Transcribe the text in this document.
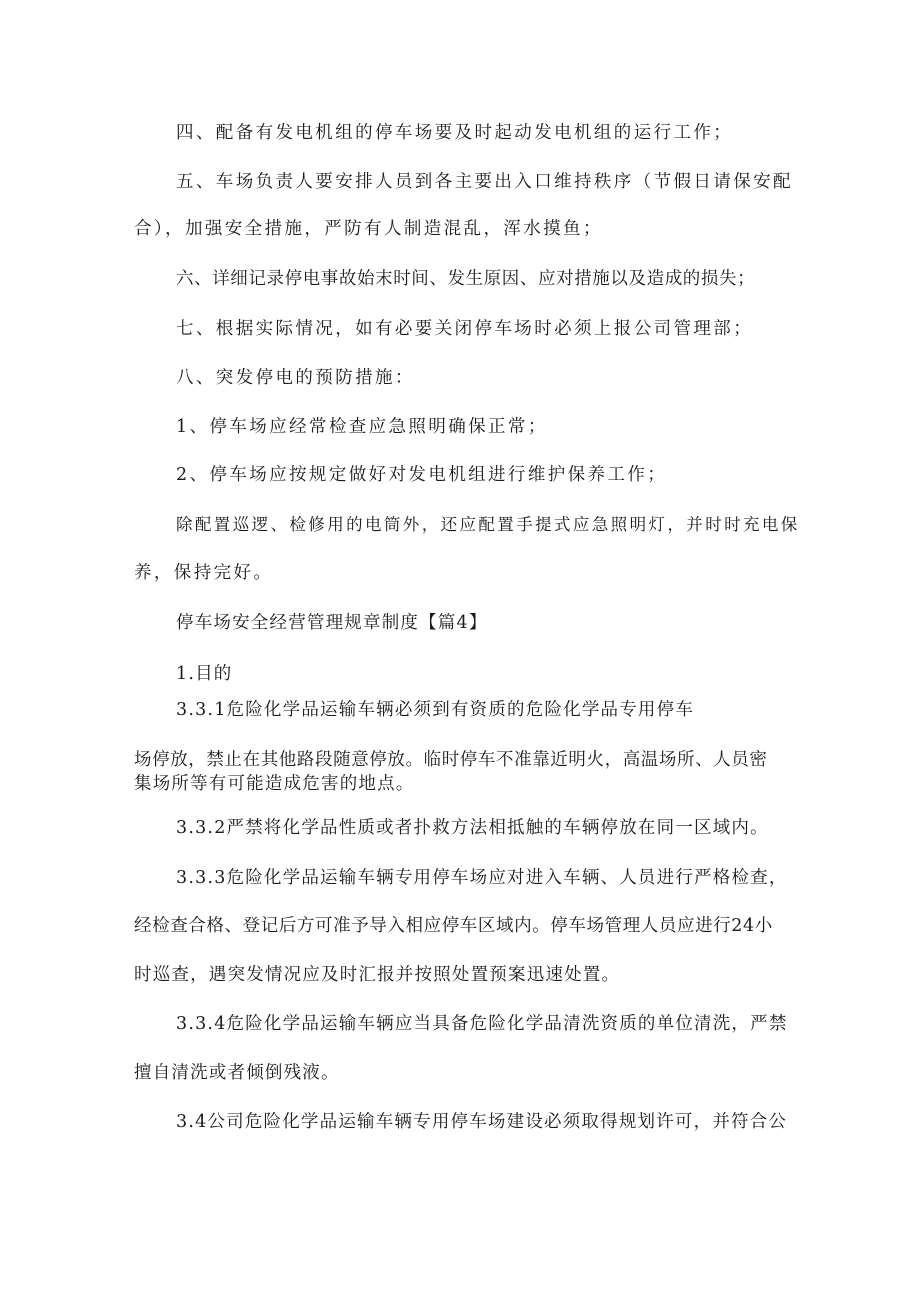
四、配备有发电机组的停车场要及时起动发电机组的运行工作；

五、车场负责人要安排人员到各主要出入口维持秩序（节假日请保安配

合），加强安全措施，严防有人制造混乱，浑水摸鱼；

六、详细记录停电事故始末时间、发生原因、应对措施以及造成的损失；

七、根据实际情况，如有必要关闭停车场时必须上报公司管理部；

八、突发停电的预防措施：

1、停车场应经常检查应急照明确保正常；

2、停车场应按规定做好对发电机组进行维护保养工作；

除配置巡逻、检修用的电筒外，还应配置手提式应急照明灯，并时时充电保

养，保持完好。

停车场安全经营管理规章制度【篇4】

1.目的

3.3.1危险化学品运输车辆必须到有资质的危险化学品专用停车

场停放，禁止在其他路段随意停放。临时停车不准靠近明火，高温场所、人员密

集场所等有可能造成危害的地点。

3.3.2严禁将化学品性质或者扑救方法相抵触的车辆停放在同一区域内。

3.3.3危险化学品运输车辆专用停车场应对进入车辆、人员进行严格检查，

经检查合格、登记后方可准予导入相应停车区域内。停车场管理人员应进行24小

时巡查，遇突发情况应及时汇报并按照处置预案迅速处置。

3.3.4危险化学品运输车辆应当具备危险化学品清洗资质的单位清洗，严禁

擅自清洗或者倾倒残液。

3.4公司危险化学品运输车辆专用停车场建设必须取得规划许可，并符合公
